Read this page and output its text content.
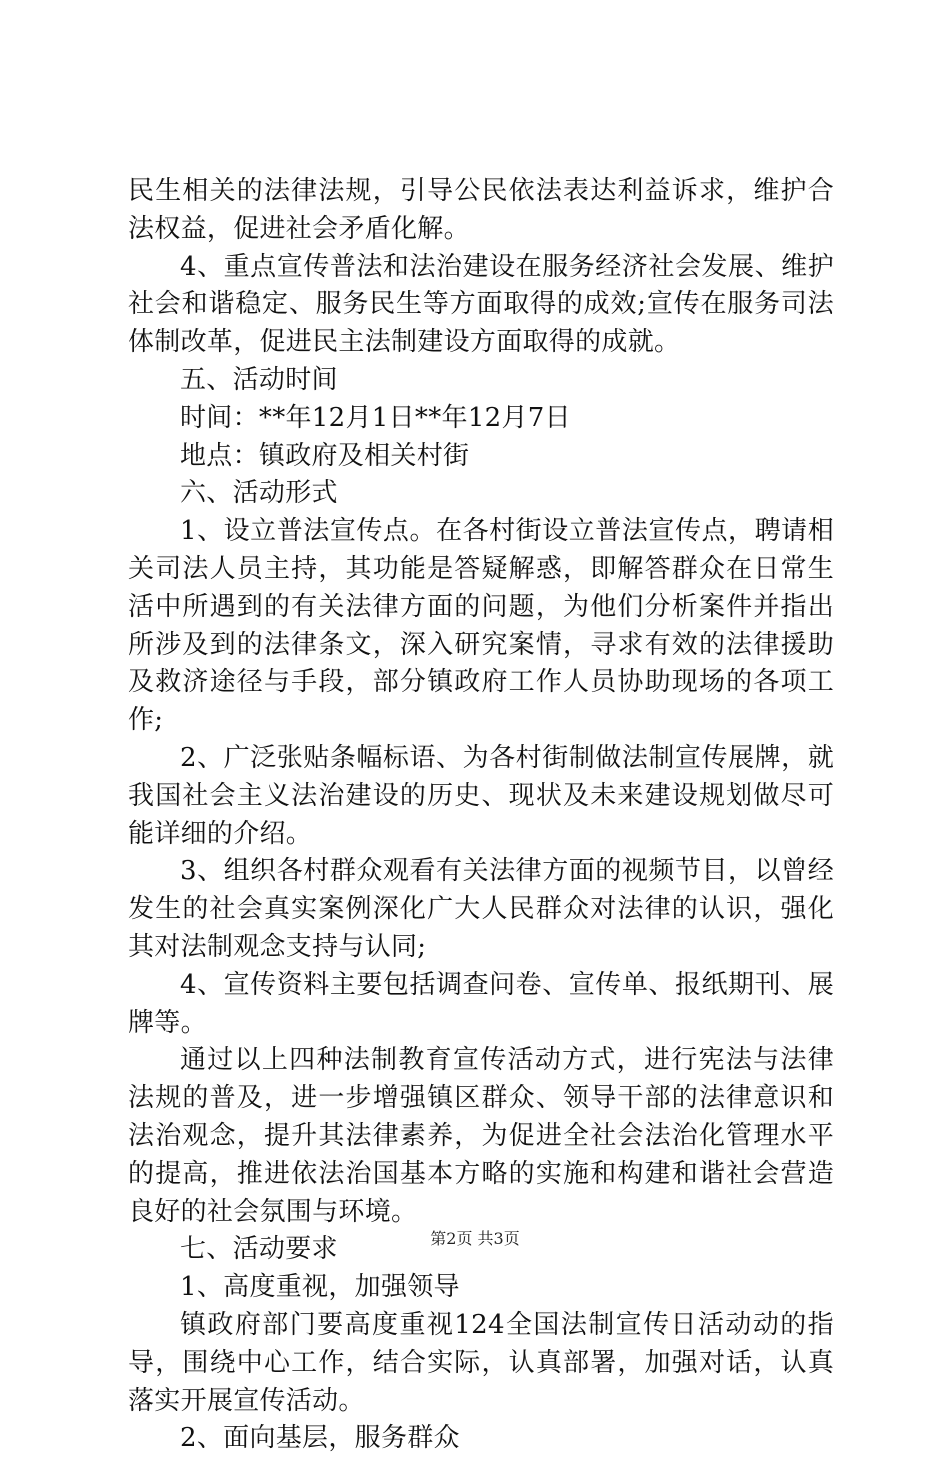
民生相关的法律法规，引导公民依法表达利益诉求，维护合法权益，促进社会矛盾化解。

4、重点宣传普法和法治建设在服务经济社会发展、维护社会和谐稳定、服务民生等方面取得的成效;宣传在服务司法体制改革，促进民主法制建设方面取得的成就。

五、活动时间

时间：**年12月1日**年12月7日

地点：镇政府及相关村街

六、活动形式

1、设立普法宣传点。在各村街设立普法宣传点，聘请相关司法人员主持，其功能是答疑解惑，即解答群众在日常生活中所遇到的有关法律方面的问题，为他们分析案件并指出所涉及到的法律条文，深入研究案情，寻求有效的法律援助及救济途径与手段，部分镇政府工作人员协助现场的各项工作;

2、广泛张贴条幅标语、为各村街制做法制宣传展牌，就我国社会主义法治建设的历史、现状及未来建设规划做尽可能详细的介绍。

3、组织各村群众观看有关法律方面的视频节目，以曾经发生的社会真实案例深化广大人民群众对法律的认识，强化其对法制观念支持与认同;

4、宣传资料主要包括调查问卷、宣传单、报纸期刊、展牌等。

通过以上四种法制教育宣传活动方式，进行宪法与法律法规的普及，进一步增强镇区群众、领导干部的法律意识和法治观念，提升其法律素养，为促进全社会法治化管理水平的提高，推进依法治国基本方略的实施和构建和谐社会营造良好的社会氛围与环境。

七、活动要求

1、高度重视，加强领导

镇政府部门要高度重视124全国法制宣传日活动动的指导，围绕中心工作，结合实际，认真部署，加强对话，认真落实开展宣传活动。

2、面向基层，服务群众

第2页 共3页
